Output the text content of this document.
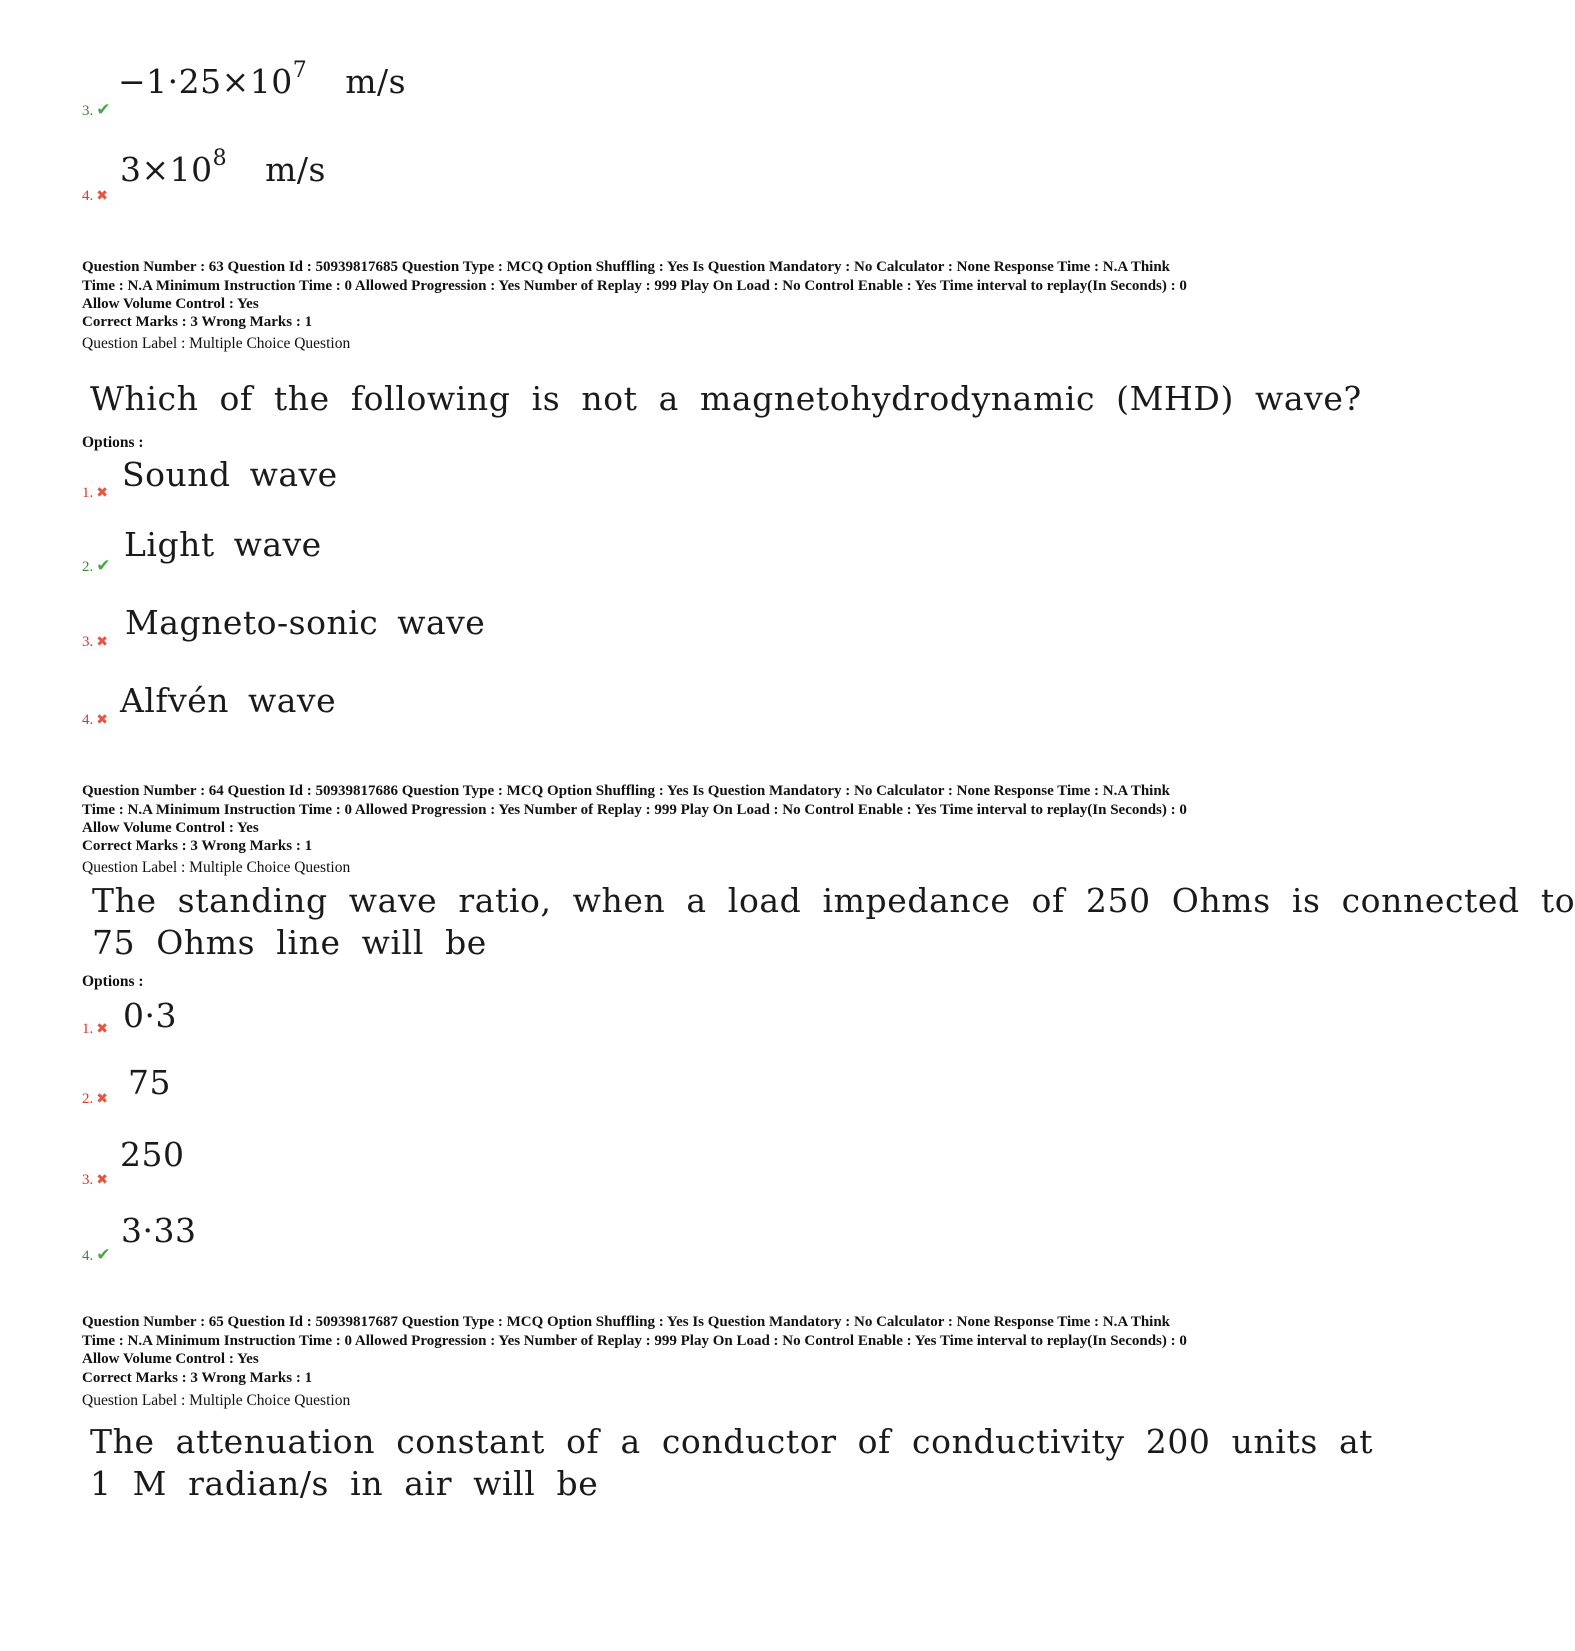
3. ✔
$-1\cdot 25\times 10^7$ m/s
4. ✖
$3\times 10^8$ m/s
Question Number : 63 Question Id : 50939817685 Question Type : MCQ Option Shuffling : Yes Is Question Mandatory : No Calculator : None Response Time : N.A Think Time : N.A Minimum Instruction Time : 0 Allowed Progression : Yes Number of Replay : 999 Play On Load : No Control Enable : Yes Time interval to replay(In Seconds) : 0 Allow Volume Control : Yes
Correct Marks : 3 Wrong Marks : 1
Question Label : Multiple Choice Question
Which of the following is not a magnetohydrodynamic (MHD) wave?
Options :
1. ✖ Sound wave
2. ✔
Light wave
3. ✖
Magneto-sonic wave
4. ✖
Alfvén wave
Question Number : 64 Question Id : 50939817686 Question Type : MCQ Option Shuffling : Yes Is Question Mandatory : No Calculator : None Response Time : N.A Think Time : N.A Minimum Instruction Time : 0 Allowed Progression : Yes Number of Replay : 999 Play On Load : No Control Enable : Yes Time interval to replay(In Seconds) : 0 Allow Volume Control : Yes
Correct Marks : 3 Wrong Marks : 1
Question Label : Multiple Choice Question
The standing wave ratio, when a load impedance of 250 Ohms is connected to
75 Ohms line will be
Options :
1. ✖ 0·3
2. ✖ 75
3. ✖
250
4. ✔
3·33
Question Number : 65 Question Id : 50939817687 Question Type : MCQ Option Shuffling : Yes Is Question Mandatory : No Calculator : None Response Time : N.A Think Time : N.A Minimum Instruction Time : 0 Allowed Progression : Yes Number of Replay : 999 Play On Load : No Control Enable : Yes Time interval to replay(In Seconds) : 0 Allow Volume Control : Yes
Correct Marks : 3 Wrong Marks : 1
Question Label : Multiple Choice Question
The attenuation constant of a conductor of conductivity 200 units at
1 M radian/s in air will be
